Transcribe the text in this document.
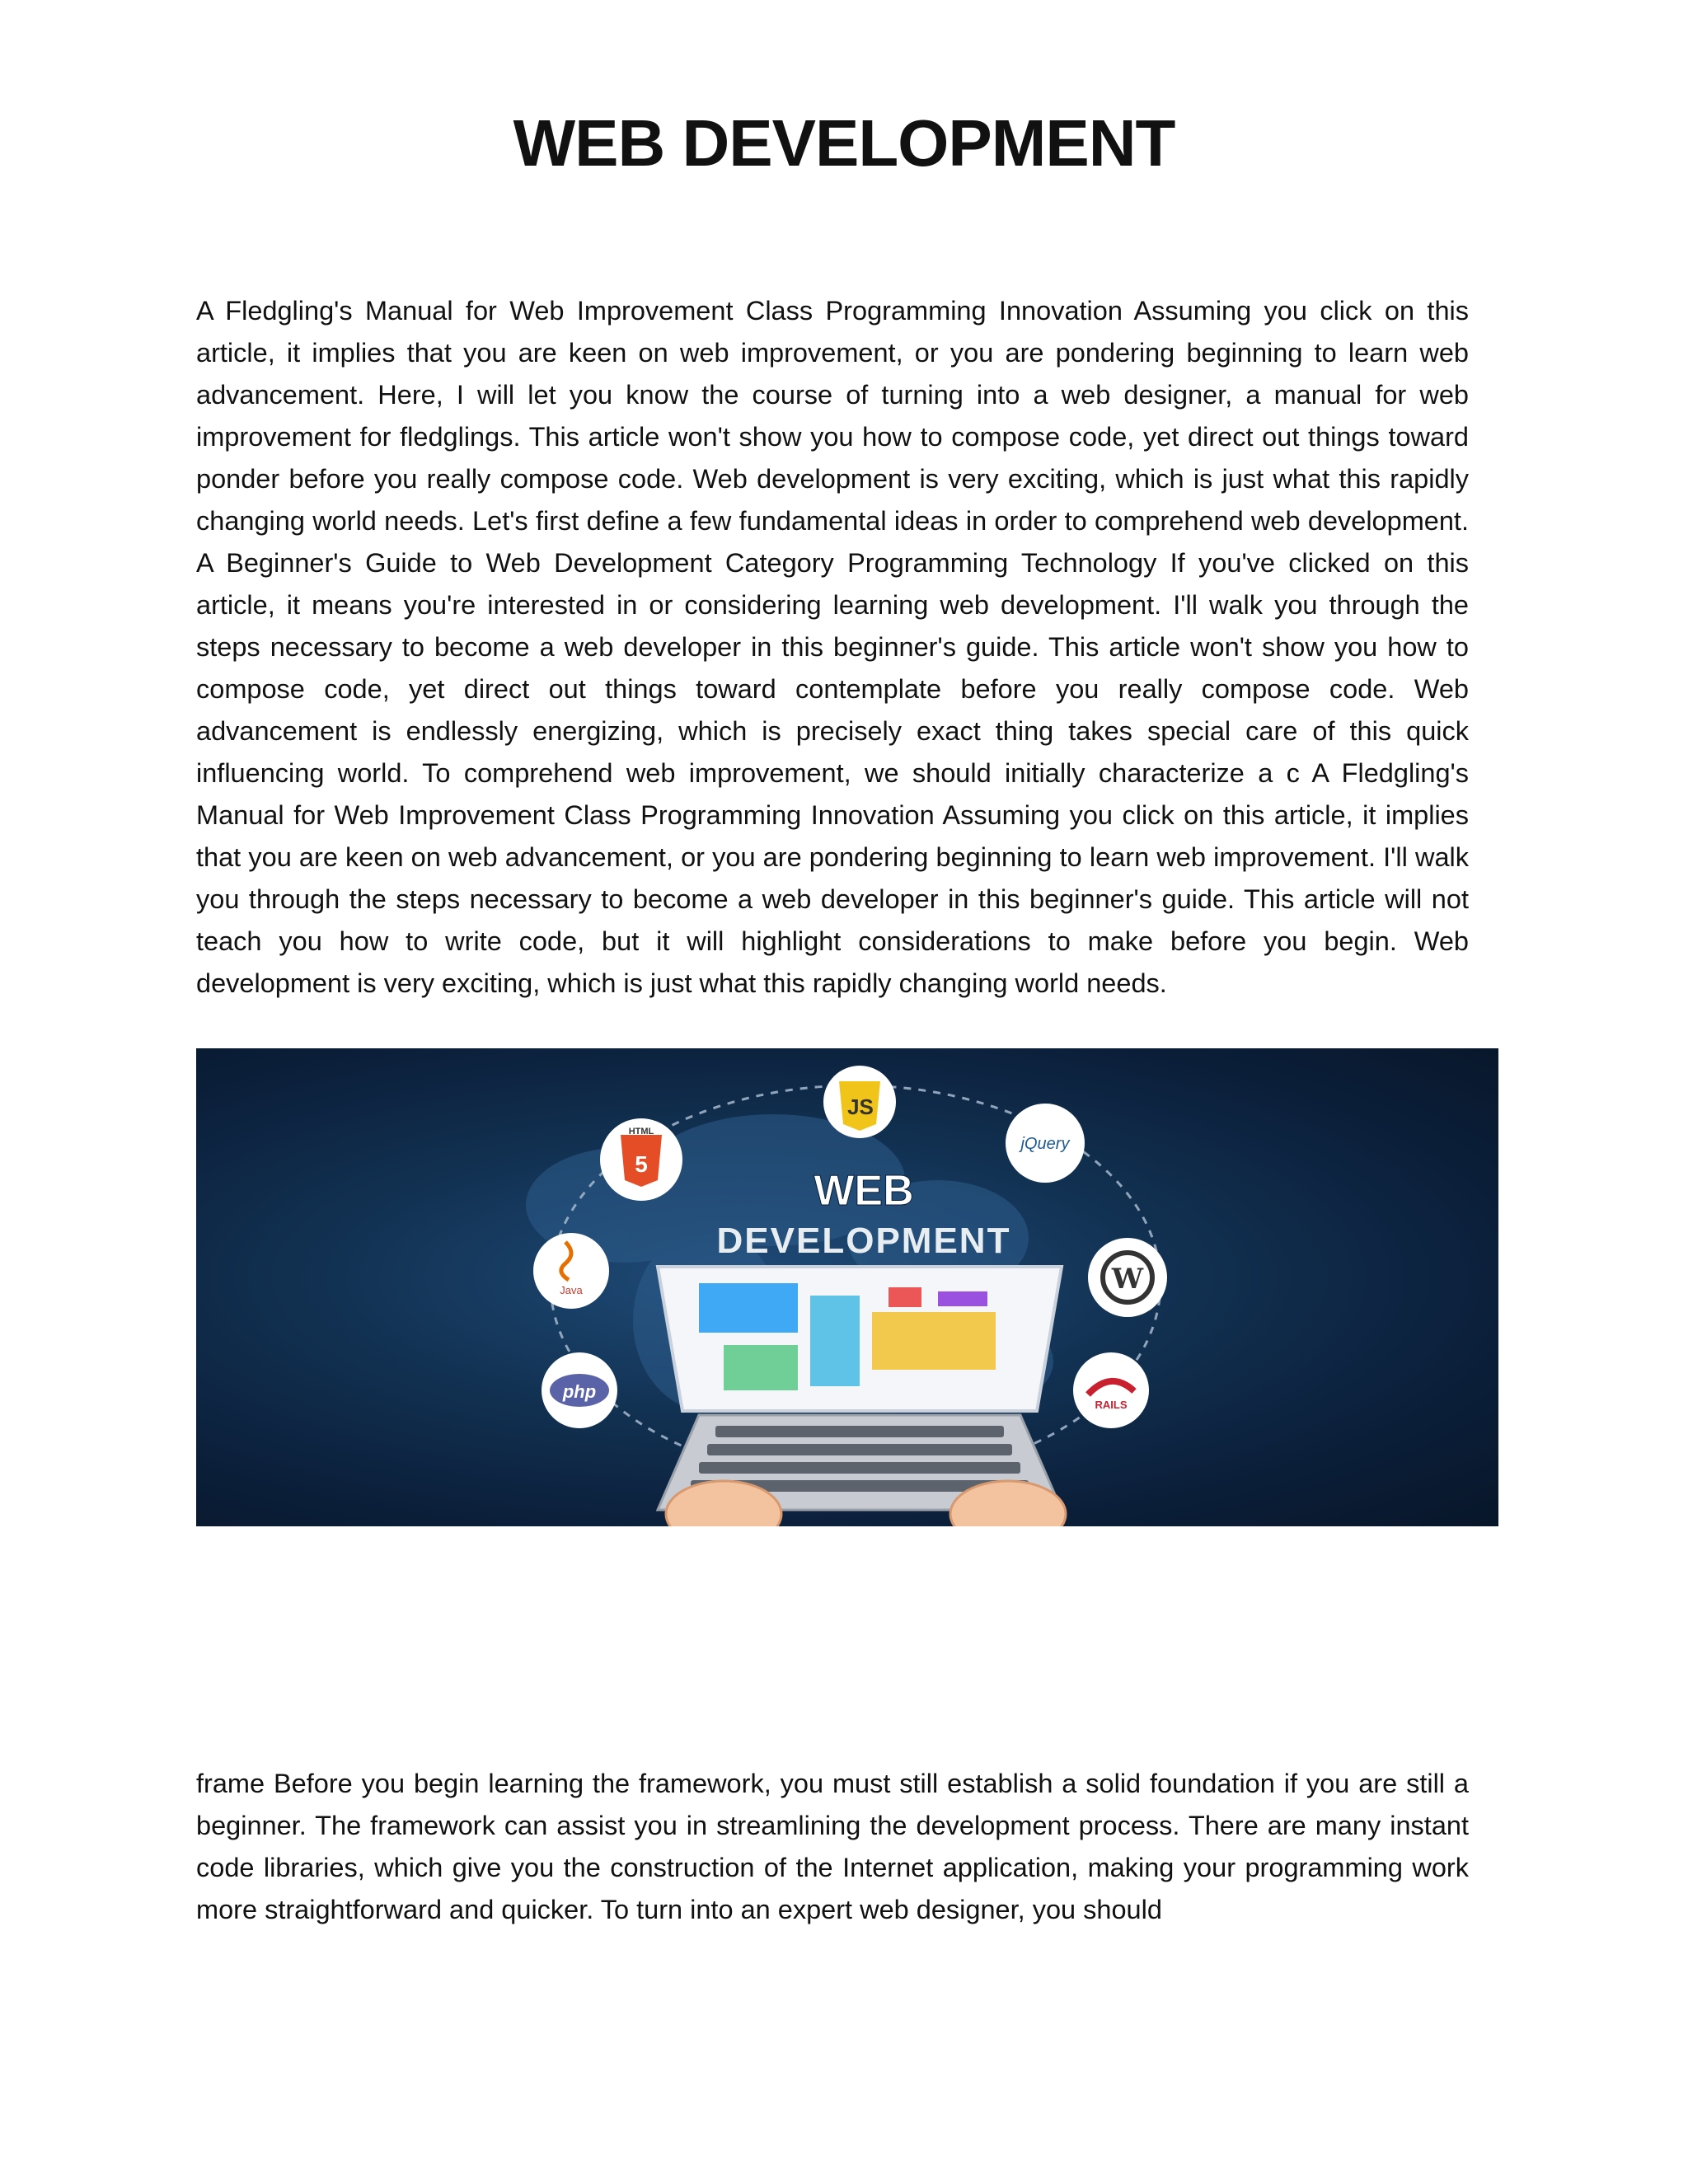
WEB DEVELOPMENT

A Fledgling's Manual for Web Improvement Class Programming Innovation Assuming you click on this article, it implies that you are keen on web improvement, or you are pondering beginning to learn web advancement. Here, I will let you know the course of turning into a web designer, a manual for web improvement for fledglings. This article won't show you how to compose code, yet direct out things toward ponder before you really compose code. Web development is very exciting, which is just what this rapidly changing world needs. Let's first define a few fundamental ideas in order to comprehend web development. A Beginner's Guide to Web Development Category Programming Technology If you've clicked on this article, it means you're interested in or considering learning web development. I'll walk you through the steps necessary to become a web developer in this beginner's guide. This article won't show you how to compose code, yet direct out things toward contemplate before you really compose code. Web advancement is endlessly energizing, which is precisely exact thing takes special care of this quick influencing world. To comprehend web improvement, we should initially characterize a c A Fledgling's Manual for Web Improvement Class Programming Innovation Assuming you click on this article, it implies that you are keen on web advancement, or you are pondering beginning to learn web improvement. I'll walk you through the steps necessary to become a web developer in this beginner's guide. This article will not teach you how to write code, but it will highlight considerations to make before you begin. Web development is very exciting, which is just what this rapidly changing world needs.

WEB
DEVELOPMENT
JS
HTML
5
jQuery
Java	W
php
RAILS

frame Before you begin learning the framework, you must still establish a solid foundation if you are still a beginner. The framework can assist you in streamlining the development process. There are many instant code libraries, which give you the construction of the Internet application, making your programming work more straightforward and quicker. To turn into an expert web designer, you should
